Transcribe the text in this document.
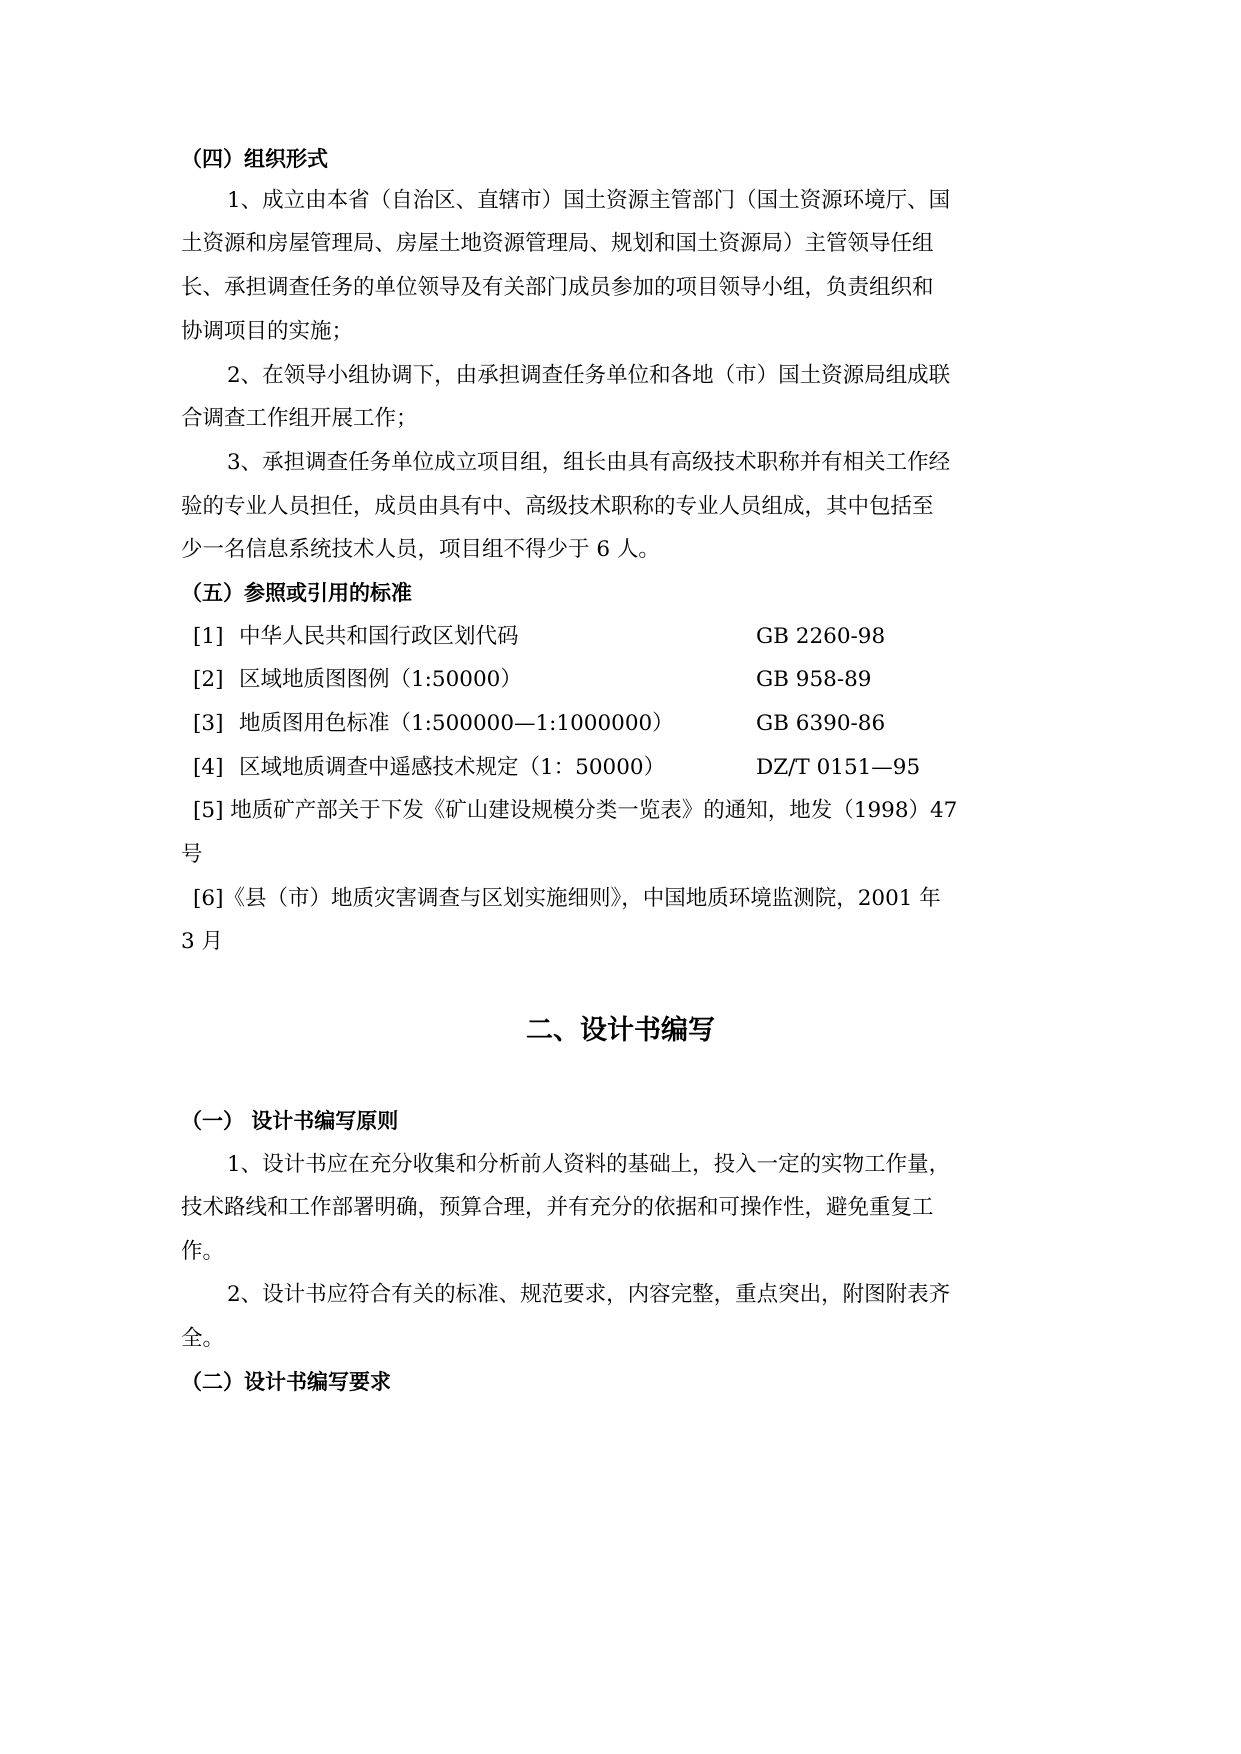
（四）组织形式
1、成立由本省（自治区、直辖市）国土资源主管部门（国土资源环境厅、国
土资源和房屋管理局、房屋土地资源管理局、规划和国土资源局）主管领导任组
长、承担调查任务的单位领导及有关部门成员参加的项目领导小组，负责组织和
协调项目的实施；
2、在领导小组协调下，由承担调查任务单位和各地（市）国土资源局组成联
合调查工作组开展工作；
3、承担调查任务单位成立项目组，组长由具有高级技术职称并有相关工作经
验的专业人员担任，成员由具有中、高级技术职称的专业人员组成，其中包括至
少一名信息系统技术人员，项目组不得少于 6 人。
（五）参照或引用的标准
[1] 中华人民共和国行政区划代码	GB 2260-98
[2] 区域地质图图例（1:50000）	GB 958-89
[3] 地质图用色标准（1:500000—1:1000000）	GB 6390-86
[4] 区域地质调查中遥感技术规定（1：50000）	DZ/T 0151—95
[5] 地质矿产部关于下发《矿山建设规模分类一览表》的通知，地发（1998）47
号
[6]《县（市）地质灾害调查与区划实施细则》，中国地质环境监测院，2001 年
3 月
二、设计书编写
（一） 设计书编写原则
1、设计书应在充分收集和分析前人资料的基础上，投入一定的实物工作量，
技术路线和工作部署明确，预算合理，并有充分的依据和可操作性，避免重复工
作。
2、设计书应符合有关的标准、规范要求，内容完整，重点突出，附图附表齐
全。
（二）设计书编写要求
